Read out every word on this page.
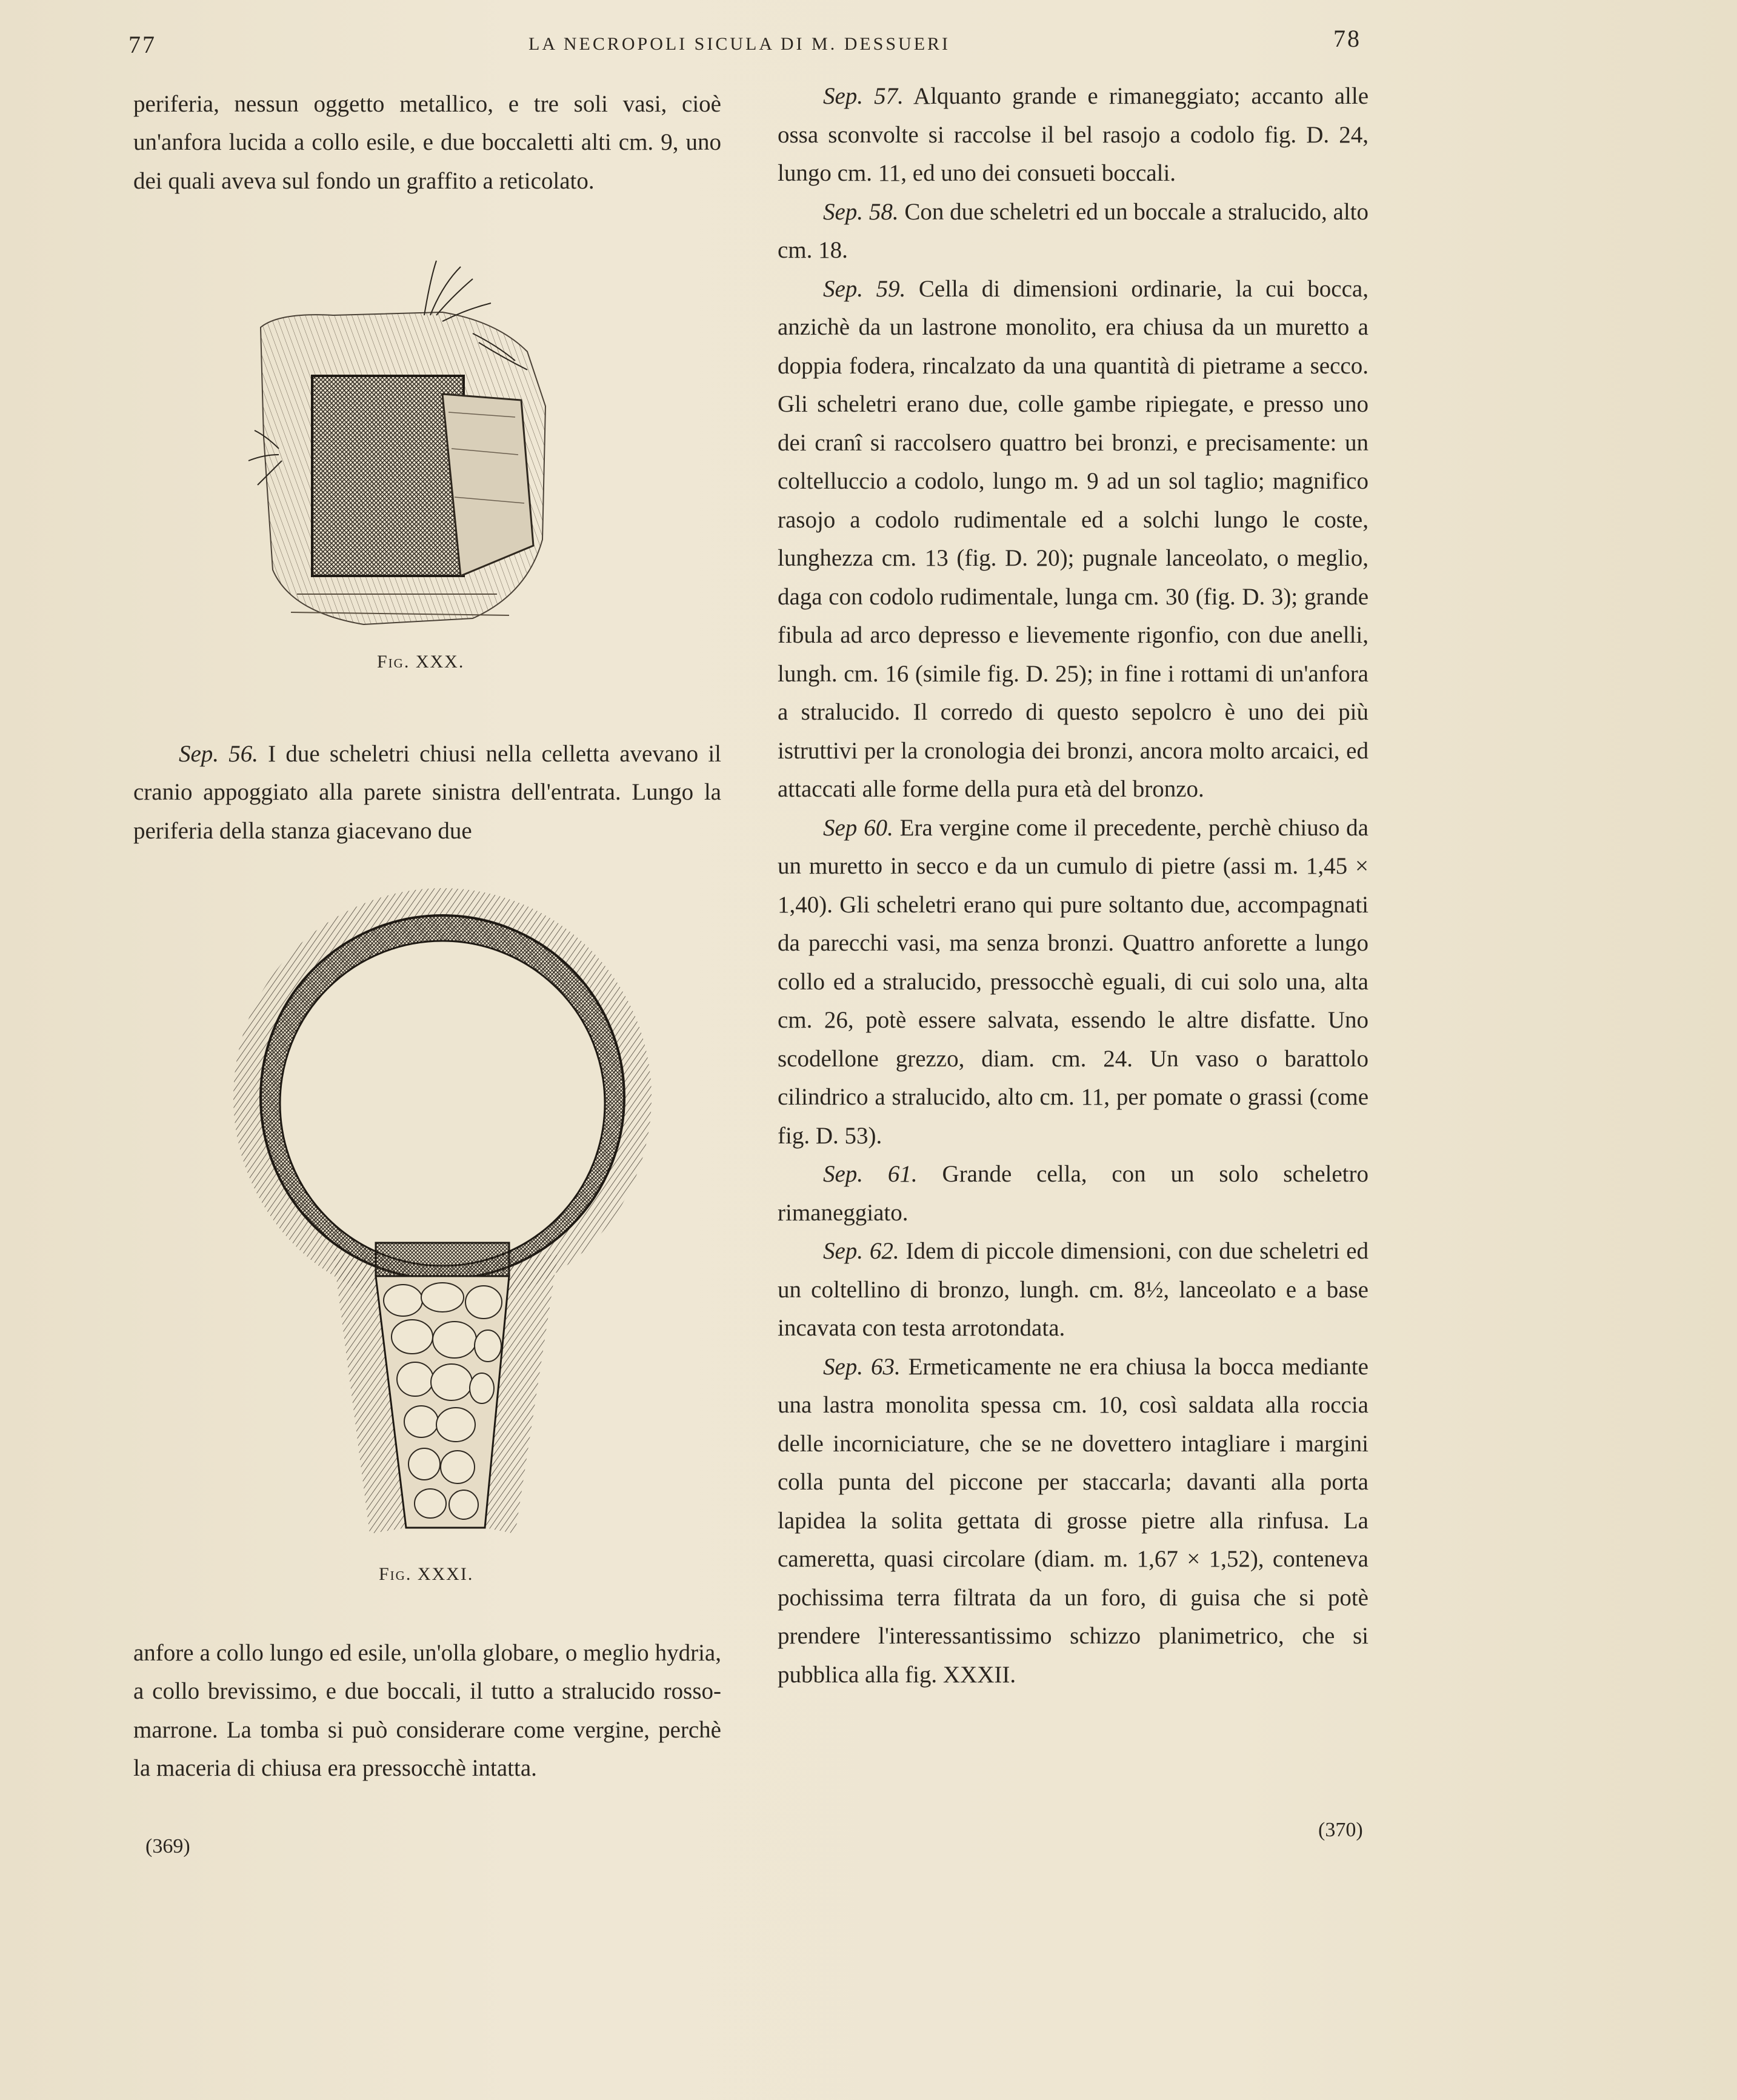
77	LA NECROPOLI SICULA DI M. DESSUERI	78

periferia, nessun oggetto metallico, e tre soli vasi, cioè un'anfora lucida a collo esile, e due boccaletti alti cm. 9, uno dei quali aveva sul fondo un graffito a reticolato.

Fig. XXX.

Sep. 56. I due scheletri chiusi nella celletta avevano il cranio appoggiato alla parete sinistra dell'entrata. Lungo la periferia della stanza giacevano due

Fig. XXXI.

anfore a collo lungo ed esile, un'olla globare, o meglio hydria, a collo brevissimo, e due boccali, il tutto a stralucido rosso-marrone. La tomba si può considerare come vergine, perchè la maceria di chiusa era pressocchè intatta.

(369)

Sep. 57. Alquanto grande e rimaneggiato; accanto alle ossa sconvolte si raccolse il bel rasojo a codolo fig. D. 24, lungo cm. 11, ed uno dei consueti boccali.

Sep. 58. Con due scheletri ed un boccale a stralucido, alto cm. 18.

Sep. 59. Cella di dimensioni ordinarie, la cui bocca, anzichè da un lastrone monolito, era chiusa da un muretto a doppia fodera, rincalzato da una quantità di pietrame a secco. Gli scheletri erano due, colle gambe ripiegate, e presso uno dei cranî si raccolsero quattro bei bronzi, e precisamente: un coltelluccio a codolo, lungo m. 9 ad un sol taglio; magnifico rasojo a codolo rudimentale ed a solchi lungo le coste, lunghezza cm. 13 (fig. D. 20); pugnale lanceolato, o meglio, daga con codolo rudimentale, lunga cm. 30 (fig. D. 3); grande fibula ad arco depresso e lievemente rigonfio, con due anelli, lungh. cm. 16 (simile fig. D. 25); in fine i rottami di un'anfora a stralucido. Il corredo di questo sepolcro è uno dei più istruttivi per la cronologia dei bronzi, ancora molto arcaici, ed attaccati alle forme della pura età del bronzo.

Sep 60. Era vergine come il precedente, perchè chiuso da un muretto in secco e da un cumulo di pietre (assi m. 1,45 × 1,40). Gli scheletri erano qui pure soltanto due, accompagnati da parecchi vasi, ma senza bronzi. Quattro anforette a lungo collo ed a stralucido, pressocchè eguali, di cui solo una, alta cm. 26, potè essere salvata, essendo le altre disfatte. Uno scodellone grezzo, diam. cm. 24. Un vaso o barattolo cilindrico a stralucido, alto cm. 11, per pomate o grassi (come fig. D. 53).

Sep. 61. Grande cella, con un solo scheletro rimaneggiato.

Sep. 62. Idem di piccole dimensioni, con due scheletri ed un coltellino di bronzo, lungh. cm. 8½, lanceolato e a base incavata con testa arrotondata.

Sep. 63. Ermeticamente ne era chiusa la bocca mediante una lastra monolita spessa cm. 10, così saldata alla roccia delle incorniciature, che se ne dovettero intagliare i margini colla punta del piccone per staccarla; davanti alla porta lapidea la solita gettata di grosse pietre alla rinfusa. La cameretta, quasi circolare (diam. m. 1,67 × 1,52), conteneva pochissima terra filtrata da un foro, di guisa che si potè prendere l'interessantissimo schizzo planimetrico, che si pubblica alla fig. XXXII.

(370)
